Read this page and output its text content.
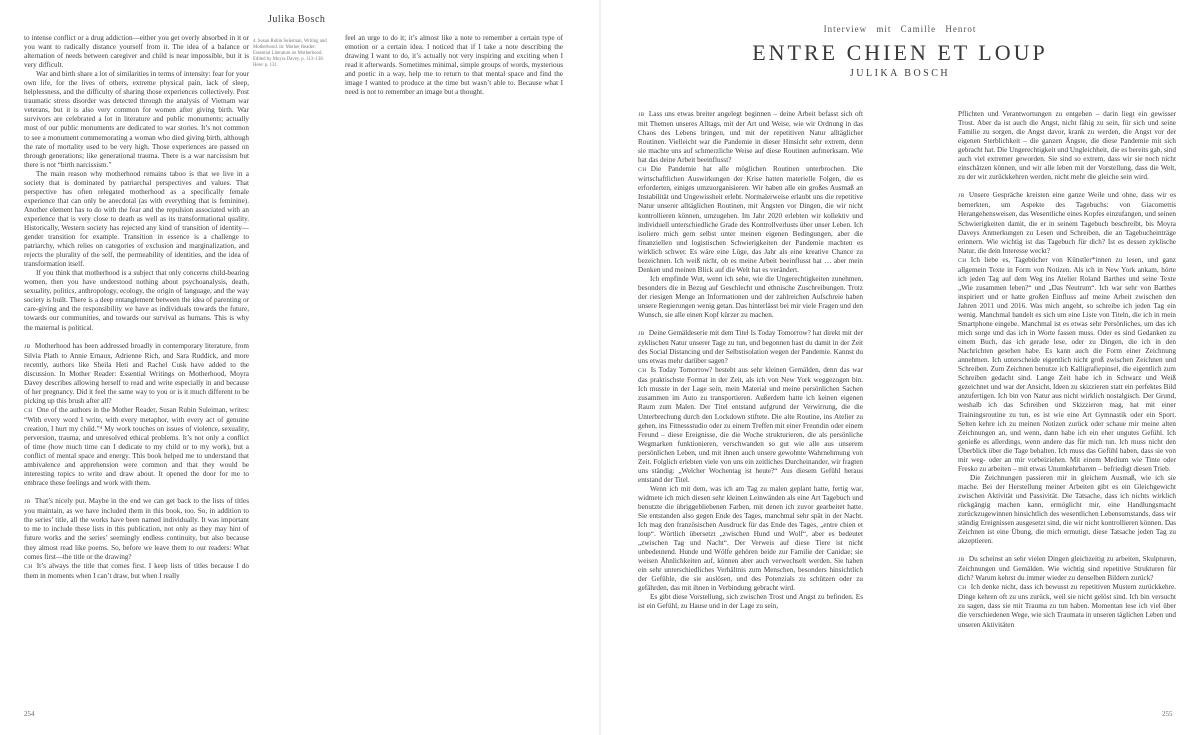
Julika Bosch

to intense conflict or a drug addiction—either you get overly absorbed in it or you want to radically distance yourself from it. The idea of a balance or alternation of needs between caregiver and child is near impossible, but it is very difficult.

War and birth share a lot of similarities in terms of intensity: fear for your own life, for the lives of others, extreme physical pain, lack of sleep, helplessness, and the difficulty of sharing those experiences collectively. Post traumatic stress disorder was detected through the analysis of Vietnam war veterans, but it is also very common for women after giving birth. War survivors are celebrated a lot in literature and public monuments; actually most of our public monuments are dedicated to war stories. It’s not common to see a monument commemorating a woman who died giving birth, although the rate of mortality used to be very high. Those experiences are passed on through generations; like generational trauma. There is a war narcissism but there is not “birth narcissism.”

The main reason why motherhood remains taboo is that we live in a society that is dominated by patriarchal perspectives and values. That perspective has often relegated motherhood as a specifically female experience that can only be anecdotal (as with everything that is feminine). Another element has to do with the fear and the repulsion associated with an experience that is very close to death as well as its transformational quality. Historically, Western society has rejected any kind of transition of identity—gender transition for example. Transition in essence is a challenge to patriarchy, which relies on categories of exclusion and marginalization, and rejects the plurality of the self, the permeability of identities, and the idea of transformation itself.

If you think that motherhood is a subject that only concerns child-bearing women, then you have understood nothing about psychoanalysis, death, sexuality, politics, anthropology, ecology, the origin of language, and the way society is built. There is a deep entanglement between the idea of parenting or care-giving and the responsibility we have as individuals towards the future, towards our communities, and towards our survival as humans. This is why the maternal is political.

JB Motherhood has been addressed broadly in contemporary literature, from Silvia Plath to Annie Ernaux, Adrienne Rich, and Sara Ruddick, and more recently, authors like Sheila Heti and Rachel Cusk have added to the discussion. In Mother Reader: Essential Writings on Motherhood, Moyra Davey describes allowing herself to read and write especially in and because of her pregnancy. Did it feel the same way to you or is it much different to be picking up this brush after all?

CH One of the authors in the Mother Reader, Susan Rubin Suleiman, writes: “With every word I write, with every metaphor, with every act of genuine creation, I hurt my child.”⁴ My work touches on issues of violence, sexuality, perversion, trauma, and unresolved ethical problems. It’s not only a conflict of time (how much time can I dedicate to my child or to my work), but a conflict of mental space and energy. This book helped me to understand that ambivalence and apprehension were common and that they would be interesting topics to write and draw about. It opened the door for me to embrace these feelings and work with them.

JB That’s nicely put. Maybe in the end we can get back to the lists of titles you maintain, as we have included them in this book, too. So, in addition to the series’ title, all the works have been named individually. It was important to me to include these lists in this publication, not only as they may hint of future works and the series’ seemingly endless continuity, but also because they almost read like poems. So, before we leave them to our readers: What comes first—the title or the drawing?

CH It’s always the title that comes first. I keep lists of titles because I do them in moments when I can’t draw, but when I really

4. Susan Rubin Suleiman, Writing and Motherhood. In: Mother Reader: Essential Literature on Motherhood. Edited by Moyra Davey. p. 113–138. Here: p. 131.

feel an urge to do it; it’s almost like a note to remember a certain type of emotion or a certain idea. I noticed that if I take a note describing the drawing I want to do, it’s actually not very inspiring and exciting when I read it afterwards. Sometimes minimal, simple groups of words, mysterious and poetic in a way, help me to return to that mental space and find the image I wanted to produce at the time but wasn’t able to. Because what I need is not to remember an image but a thought.

254
Interview mit Camille Henrot
ENTRE CHIEN ET LOUP
JULIKA BOSCH

JB Lass uns etwas breiter angelegt beginnen – deine Arbeit befasst sich oft mit Themen unseres Alltags, mit der Art und Weise, wie wir Ordnung in das Chaos des Lebens bringen, und mit der repetitiven Natur alltäglicher Routinen. Vielleicht war die Pandemie in dieser Hinsicht sehr extrem, denn sie machte uns auf schmerzliche Weise auf diese Routinen aufmerksam. Wie hat das deine Arbeit beeinflusst?

CH Die Pandemie hat alle möglichen Routinen unterbrochen. Die wirtschaftlichen Auswirkungen der Krise hatten materielle Folgen, die es erforderten, einiges umzuorganisieren. Wir haben alle ein großes Ausmaß an Instabilität und Ungewissheit erlebt. Normalerweise erlaubt uns die repetitive Natur unserer alltäglichen Routinen, mit Ängsten vor Dingen, die wir nicht kontrollieren können, umzugehen. Im Jahr 2020 erlebten wir kollektiv und individuell unterschiedliche Grade des Kontrollverlusts über unser Leben. Ich isoliere mich gern selbst unter meinen eigenen Bedingungen, aber die finanziellen und logistischen Schwierigkeiten der Pandemie machten es wirklich schwer. Es wäre eine Lüge, das Jahr als eine kreative Chance zu bezeichnen. Ich weiß nicht, ob es meine Arbeit beeinflusst hat … aber mein Denken und meinen Blick auf die Welt hat es verändert.

Ich empfinde Wut, wenn ich sehe, wie die Ungerechtigkeiten zunehmen, besonders die in Bezug auf Geschlecht und ethnische Zuschreibungen. Trotz der riesigen Menge an Informationen und der zahlreichen Aufschreie haben unsere Regierungen wenig getan. Das hinterlässt bei mir viele Fragen und den Wunsch, sie alle einen Kopf kürzer zu machen.

JB Deine Gemäldeserie mit dem Titel Is Today Tomorrow? hat direkt mit der zyklischen Natur unserer Tage zu tun, und begonnen hast du damit in der Zeit des Social Distancing und der Selbstisolation wegen der Pandemie. Kannst du uns etwas mehr darüber sagen?

CH Is Today Tomorrow? besteht aus sehr kleinen Gemälden, denn das war das praktischste Format in der Zeit, als ich von New York weggezogen bin. Ich musste in der Lage sein, mein Material und meine persönlichen Sachen zusammen im Auto zu transportieren. Außerdem hatte ich keinen eigenen Raum zum Malen. Der Titel entstand aufgrund der Verwirrung, die die Unterbrechung durch den Lockdown stiftete. Die alte Routine, ins Atelier zu gehen, ins Fitnessstudio oder zu einem Treffen mit einer Freundin oder einem Freund – diese Ereignisse, die die Woche strukturieren, die als persönliche Wegmarken funktionieren, verschwanden so gut wie alle aus unserem persönlichen Leben, und mit ihnen auch unsere gewohnte Wahrnehmung von Zeit. Folglich erlebten viele von uns ein zeitliches Durcheinander, wir fragten uns ständig: „Welcher Wochentag ist heute?“ Aus diesem Gefühl heraus entstand der Titel.

Wenn ich mit dem, was ich am Tag zu malen geplant hatte, fertig war, widmete ich mich diesen sehr kleinen Leinwänden als eine Art Tagebuch und benutzte die übriggebliebenen Farben, mit denen ich zuvor gearbeitet hatte. Sie entstanden also gegen Ende des Tages, manchmal sehr spät in der Nacht. Ich mag den französischen Ausdruck für das Ende des Tages, „entre chien et loup“. Wörtlich übersetzt „zwischen Hund und Wolf“, aber es bedeutet „zwischen Tag und Nacht“. Der Verweis auf diese Tiere ist nicht unbedeutend. Hunde und Wölfe gehören beide zur Familie der Canidae; sie weisen Ähnlichkeiten auf, können aber auch verwechselt werden. Sie haben ein sehr unterschiedliches Verhältnis zum Menschen, besonders hinsichtlich der Gefühle, die sie auslösen, und des Potenzials zu schützen oder zu gefährden, das mit ihnen in Verbindung gebracht wird.

Es gibt diese Vorstellung, sich zwischen Trost und Angst zu befinden. Es ist ein Gefühl, zu Hause und in der Lage zu sein,

Pflichten und Verantwortungen zu entgehen – darin liegt ein gewisser Trost. Aber da ist auch die Angst, nicht fähig zu sein, für sich und seine Familie zu sorgen, die Angst davor, krank zu werden, die Angst vor der eigenen Sterblichkeit – die ganzen Ängste, die diese Pandemie mit sich gebracht hat. Die Ungerechtigkeit und Ungleichheit, die es bereits gab, sind auch viel extremer geworden. Sie sind so extrem, dass wir sie noch nicht einschätzen können, und wir alle leben mit der Vorstellung, dass die Welt, zu der wir zurückkehren werden, nicht mehr die gleiche sein wird.

JB Unsere Gespräche kreisten eine ganze Weile und ohne, dass wir es bemerkten, um Aspekte des Tagebuchs: von Giacomettis Herangehensweisen, das Wesentliche eines Kopfes einzufangen, und seinen Schwierigkeiten damit, die er in seinem Tagebuch beschreibt, bis Moyra Daveys Anmerkungen zu Lesen und Schreiben, die an Tagebucheinträge erinnern. Wie wichtig ist das Tagebuch für dich? Ist es dessen zyklische Natur, die dein Interesse weckt?

CH Ich liebe es, Tagebücher von Künstler*innen zu lesen, und ganz allgemein Texte in Form von Notizen. Als ich in New York ankam, hörte ich jeden Tag auf dem Weg ins Atelier Roland Barthes und seine Texte „Wie zusammen leben?“ und „Das Neutrum“. Ich war sehr von Barthes inspiriert und er hatte großen Einfluss auf meine Arbeit zwischen den Jahren 2011 und 2016. Was mich angeht, so schreibe ich jeden Tag ein wenig. Manchmal handelt es sich um eine Liste von Titeln, die ich in mein Smartphone eingebe. Manchmal ist es etwas sehr Persönliches, um das ich mich sorge und das ich in Worte fassen muss. Oder es sind Gedanken zu einem Buch, das ich gerade lese, oder zu Dingen, die ich in den Nachrichten gesehen habe. Es kann auch die Form einer Zeichnung annehmen. Ich unterscheide eigentlich nicht groß zwischen Zeichnen und Schreiben. Zum Zeichnen benutze ich Kalligrafiepinsel, die eigentlich zum Schreiben gedacht sind. Lange Zeit habe ich in Schwarz und Weiß gezeichnet und war der Ansicht, Ideen zu skizzieren statt ein perfektes Bild anzufertigen. Ich bin von Natur aus nicht wirklich nostalgisch. Der Grund, weshalb ich das Schreiben und Skizzieren mag, hat mit einer Trainingsroutine zu tun, es ist wie eine Art Gymnastik oder ein Sport. Selten kehre ich zu meinen Notizen zurück oder schaue mir meine alten Zeichnungen an, und wenn, dann habe ich ein eher ungutes Gefühl. Ich genieße es allerdings, wenn andere das für mich tun. Ich muss nicht den Überblick über die Tage behalten. Ich muss das Gefühl haben, dass sie von mir weg- oder an mir vorbeiziehen. Mit einem Medium wie Tinte oder Fresko zu arbeiten – mit etwas Unumkehrbarem – befriedigt diesen Trieb.

Die Zeichnungen passieren mir in gleichem Ausmaß, wie ich sie mache. Bei der Herstellung meiner Arbeiten gibt es ein Gleichgewicht zwischen Aktivität und Passivität. Die Tatsache, dass ich nichts wirklich rückgängig machen kann, ermöglicht mir, eine Handlungsmacht zurückzugewinnen hinsichtlich des wesentlichen Lebensumstands, dass wir ständig Ereignissen ausgesetzt sind, die wir nicht kontrollieren können. Das Zeichnen ist eine Übung, die mich ermutigt, diese Tatsache jeden Tag zu akzeptieren.

JB Du scheinst an sehr vielen Dingen gleichzeitig zu arbeiten, Skulpturen, Zeichnungen und Gemälden. Wie wichtig sind repetitive Strukturen für dich? Warum kehrst du immer wieder zu denselben Bildern zurück?

CH Ich denke nicht, dass ich bewusst zu repetitiven Mustern zurückkehre. Dinge kehren oft zu uns zurück, weil sie nicht gelöst sind. Ich bin versucht zu sagen, dass sie mit Trauma zu tun haben. Momentan lese ich viel über die verschiedenen Wege, wie sich Traumata in unseren täglichen Leben und unseren Aktivitäten

255
